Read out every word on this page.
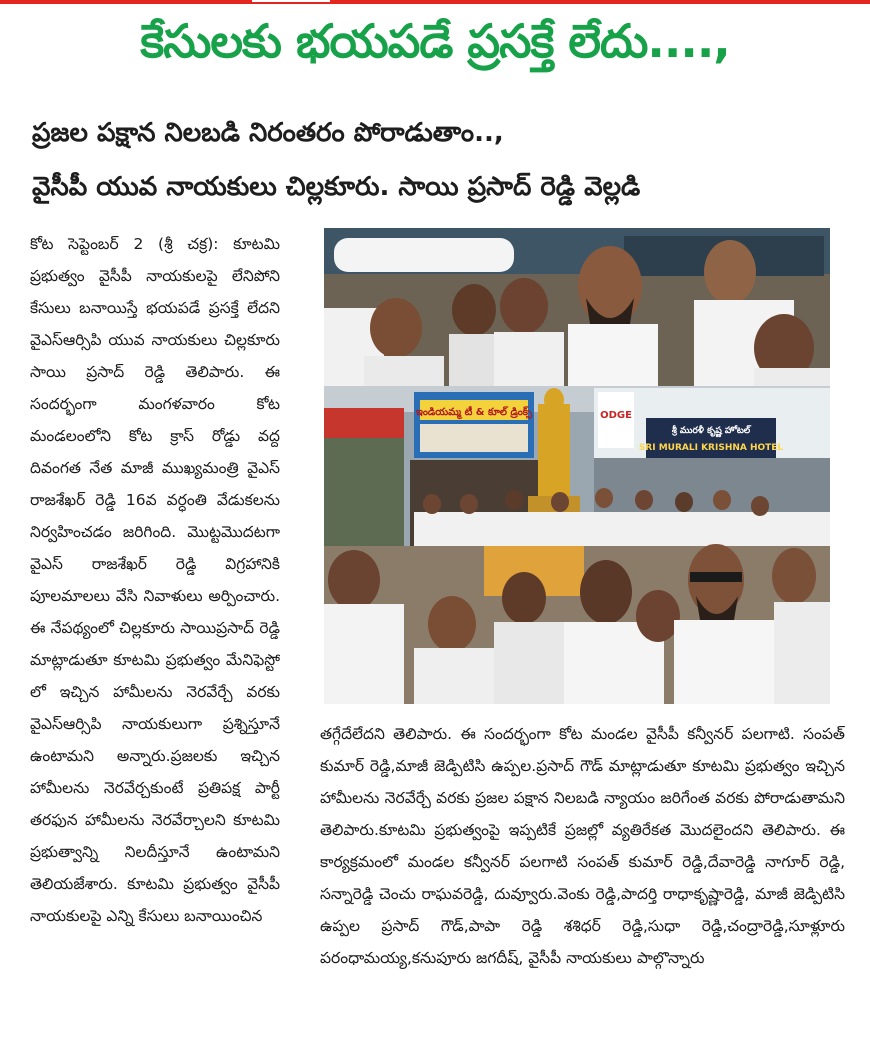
కేసులకు భయపడే ప్రసక్తే లేదు....,
ప్రజల పక్షాన నిలబడి నిరంతరం పోరాడుతాం..,
వైసీపీ యువ నాయకులు చిల్లకూరు. సాయి ప్రసాద్ రెడ్డి వెల్లడి
కోట సెప్టెంబర్ 2 (శ్రీ చక్ర): కూటమి ప్రభుత్వం వైసీపీ నాయకులపై లేనిపోని కేసులు బనాయిస్తే భయపడే ప్రసక్తే లేదని వైఎస్ఆర్సిపి యువ నాయకులు చిల్లకూరు సాయి ప్రసాద్ రెడ్డి తెలిపారు. ఈ సందర్భంగా మంగళవారం కోట మండలంలోని కోట క్రాస్ రోడ్డు వద్ద దివంగత నేత మాజీ ముఖ్యమంత్రి వైఎస్ రాజశేఖర్ రెడ్డి 16వ వర్ధంతి వేడుకలను నిర్వహించడం జరిగింది. మొట్టమొదటగా వైఎస్ రాజశేఖర్ రెడ్డి విగ్రహానికి పూలమాలలు వేసి నివాళులు అర్పించారు. ఈ నేపథ్యంలో చిల్లకూరు సాయిప్రసాద్ రెడ్డి మాట్లాడుతూ కూటమి ప్రభుత్వం మేనిఫెస్టో లో ఇచ్చిన హామీలను నెరవేర్చే వరకు వైఎస్ఆర్సిపి నాయకులుగా ప్రశ్నిస్తూనే ఉంటామని అన్నారు.ప్రజలకు ఇచ్చిన హామీలను నెరవేర్చకుంటే ప్రతిపక్ష పార్టీ తరఫున హామీలను నెరవేర్చాలని కూటమి ప్రభుత్వాన్ని నిలదీస్తూనే ఉంటామని తెలియజేశారు. కూటమి ప్రభుత్వం వైసీపీ నాయకులపై ఎన్ని కేసులు బనాయించిన
ఇండియమ్మ టీ & కూల్ డ్రింక్స్	ODGE
శ్రీ మురళీ కృష్ణ హోటల్
SRI MURALI KRISHNA HOTEL
తగ్గేదేలేదని తెలిపారు. ఈ సందర్భంగా కోట మండల వైసీపీ కన్వీనర్ పలగాటి. సంపత్ కుమార్ రెడ్డి,మాజీ జెడ్పిటిసి ఉప్పల.ప్రసాద్ గౌడ్ మాట్లాడుతూ కూటమి ప్రభుత్వం ఇచ్చిన హామీలను నెరవేర్చే వరకు ప్రజల పక్షాన నిలబడి న్యాయం జరిగేంత వరకు పోరాడుతామని తెలిపారు.కూటమి ప్రభుత్వంపై ఇప్పటికే ప్రజల్లో వ్యతిరేకత మొదలైందని తెలిపారు. ఈ కార్యక్రమంలో మండల కన్వీనర్ పలగాటి సంపత్ కుమార్ రెడ్డి,దేవారెడ్డి నాగూర్ రెడ్డి, సన్నారెడ్డి చెంచు రాఘవరెడ్డి, దువ్వూరు.వెంకు రెడ్డి,పాదర్తి రాధాకృష్ణారెడ్డి, మాజీ జెడ్పిటిసి ఉప్పల ప్రసాద్ గౌడ్,పాపా రెడ్డి శశిధర్ రెడ్డి,సుధా రెడ్డి,చంద్రారెడ్డి,సూళ్లూరు పరంధామయ్య,కనుపూరు జగదీష్, వైసీపీ నాయకులు పాల్గొన్నారు
